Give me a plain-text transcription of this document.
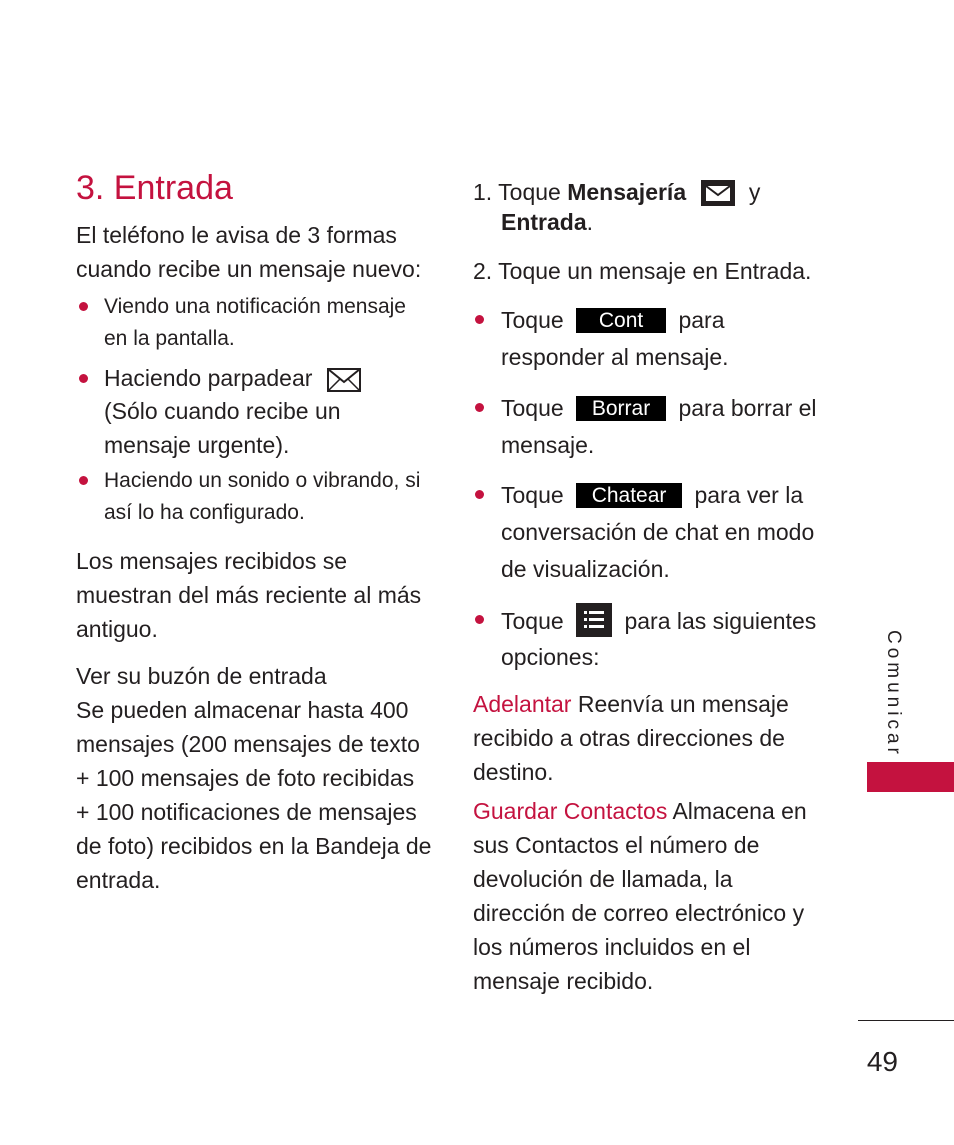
3. Entrada
El teléfono le avisa de 3 formas cuando recibe un mensaje nuevo:
Viendo una notificación mensaje en la pantalla.
Haciendo parpadear
(Sólo cuando recibe un mensaje urgente).
Haciendo un sonido o vibrando, si así lo ha configurado.
Los mensajes recibidos se muestran del más reciente al más antiguo.
Ver su buzón de entrada
Se pueden almacenar hasta 400 mensajes (200 mensajes de texto + 100 mensajes de foto recibidas + 100 notificaciones de mensajes de foto) recibidos en la Bandeja de entrada.
1. Toque Mensajería	y
Entrada.
2. Toque un mensaje en Entrada.
Toque Cont para
responder al mensaje.
Toque Borrar para borrar el
mensaje.
Toque Chatear para ver la
conversación de chat en modo
de visualización.
Toque	para las siguientes
opciones:
Adelantar Reenvía un mensaje recibido a otras direcciones de destino.
Guardar Contactos Almacena en sus Contactos el número de devolución de llamada, la dirección de correo electrónico y los números incluidos en el mensaje recibido.
Comunicar
49
